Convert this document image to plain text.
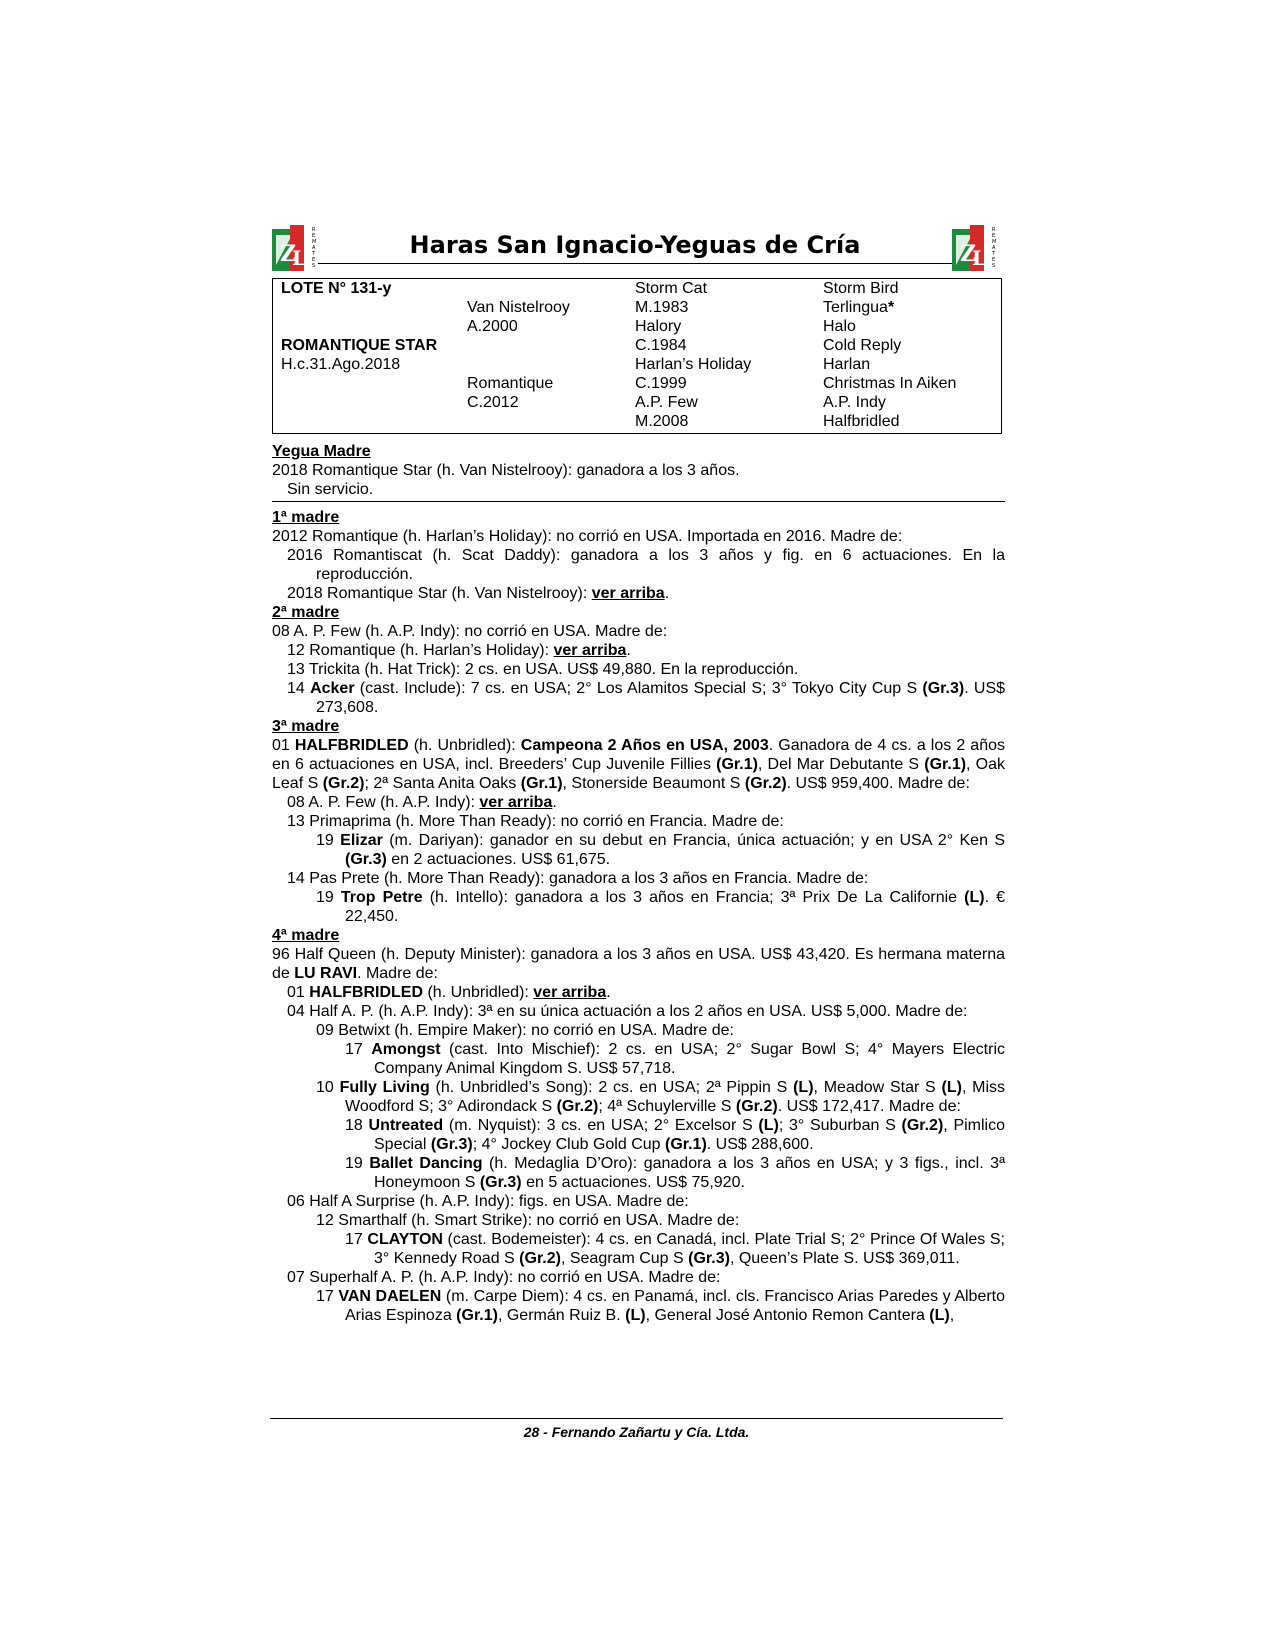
Z
L
R
E
M
A
T
E
S
Haras San Ignacio-Yeguas de Cría	Z
L
R
E
M
A
T
E
S
LOTE N° 131-y
ROMANTIQUE STAR
H.c.31.Ago.2018
Van Nistelrooy
A.2000
Romantique
C.2012
Storm Cat
M.1983
Halory
C.1984
Harlan’s Holiday
C.1999
A.P. Few
M.2008
Storm Bird
Terlingua*
Halo
Cold Reply
Harlan
Christmas In Aiken
A.P. Indy
Halfbridled
Yegua Madre
2018 Romantique Star (h. Van Nistelrooy): ganadora a los 3 años.
Sin servicio.
1ª madre
2012 Romantique (h. Harlan’s Holiday): no corrió en USA. Importada en 2016. Madre de:
2016 Romantiscat (h. Scat Daddy): ganadora a los 3 años y fig. en 6 actuaciones. En la reproducción.
2018 Romantique Star (h. Van Nistelrooy): ver arriba.
2ª madre
08 A. P. Few (h. A.P. Indy): no corrió en USA. Madre de:
12 Romantique (h. Harlan’s Holiday): ver arriba.
13 Trickita (h. Hat Trick): 2 cs. en USA. US$ 49,880. En la reproducción.
14 Acker (cast. Include): 7 cs. en USA; 2° Los Alamitos Special S; 3° Tokyo City Cup S (Gr.3). US$ 273,608.
3ª madre
01 HALFBRIDLED (h. Unbridled): Campeona 2 Años en USA, 2003. Ganadora de 4 cs. a los 2 años en 6 actuaciones en USA, incl. Breeders’ Cup Juvenile Fillies (Gr.1), Del Mar Debutante S (Gr.1), Oak Leaf S (Gr.2); 2ª Santa Anita Oaks (Gr.1), Stonerside Beaumont S (Gr.2). US$ 959,400. Madre de:
08 A. P. Few (h. A.P. Indy): ver arriba.
13 Primaprima (h. More Than Ready): no corrió en Francia. Madre de:
19 Elizar (m. Dariyan): ganador en su debut en Francia, única actuación; y en USA 2° Ken S (Gr.3) en 2 actuaciones. US$ 61,675.
14 Pas Prete (h. More Than Ready): ganadora a los 3 años en Francia. Madre de:
19 Trop Petre (h. Intello): ganadora a los 3 años en Francia; 3ª Prix De La Californie (L). € 22,450.
4ª madre
96 Half Queen (h. Deputy Minister): ganadora a los 3 años en USA. US$ 43,420. Es hermana materna de LU RAVI. Madre de:
01 HALFBRIDLED (h. Unbridled): ver arriba.
04 Half A. P. (h. A.P. Indy): 3ª en su única actuación a los 2 años en USA. US$ 5,000. Madre de:
09 Betwixt (h. Empire Maker): no corrió en USA. Madre de:
17 Amongst (cast. Into Mischief): 2 cs. en USA; 2° Sugar Bowl S; 4° Mayers Electric Company Animal Kingdom S. US$ 57,718.
10 Fully Living (h. Unbridled’s Song): 2 cs. en USA; 2ª Pippin S (L), Meadow Star S (L), Miss Woodford S; 3° Adirondack S (Gr.2); 4ª Schuylerville S (Gr.2). US$ 172,417. Madre de:
18 Untreated (m. Nyquist): 3 cs. en USA; 2° Excelsor S (L); 3° Suburban S (Gr.2), Pimlico Special (Gr.3); 4° Jockey Club Gold Cup (Gr.1). US$ 288,600.
19 Ballet Dancing (h. Medaglia D’Oro): ganadora a los 3 años en USA; y 3 figs., incl. 3ª Honeymoon S (Gr.3) en 5 actuaciones. US$ 75,920.
06 Half A Surprise (h. A.P. Indy): figs. en USA. Madre de:
12 Smarthalf (h. Smart Strike): no corrió en USA. Madre de:
17 CLAYTON (cast. Bodemeister): 4 cs. en Canadá, incl. Plate Trial S; 2° Prince Of Wales S; 3° Kennedy Road S (Gr.2), Seagram Cup S (Gr.3), Queen’s Plate S. US$ 369,011.
07 Superhalf A. P. (h. A.P. Indy): no corrió en USA. Madre de:
17 VAN DAELEN (m. Carpe Diem): 4 cs. en Panamá, incl. cls. Francisco Arias Paredes y Alberto Arias Espinoza (Gr.1), Germán Ruiz B. (L), General José Antonio Remon Cantera (L),
28 - Fernando Zañartu y Cía. Ltda.
